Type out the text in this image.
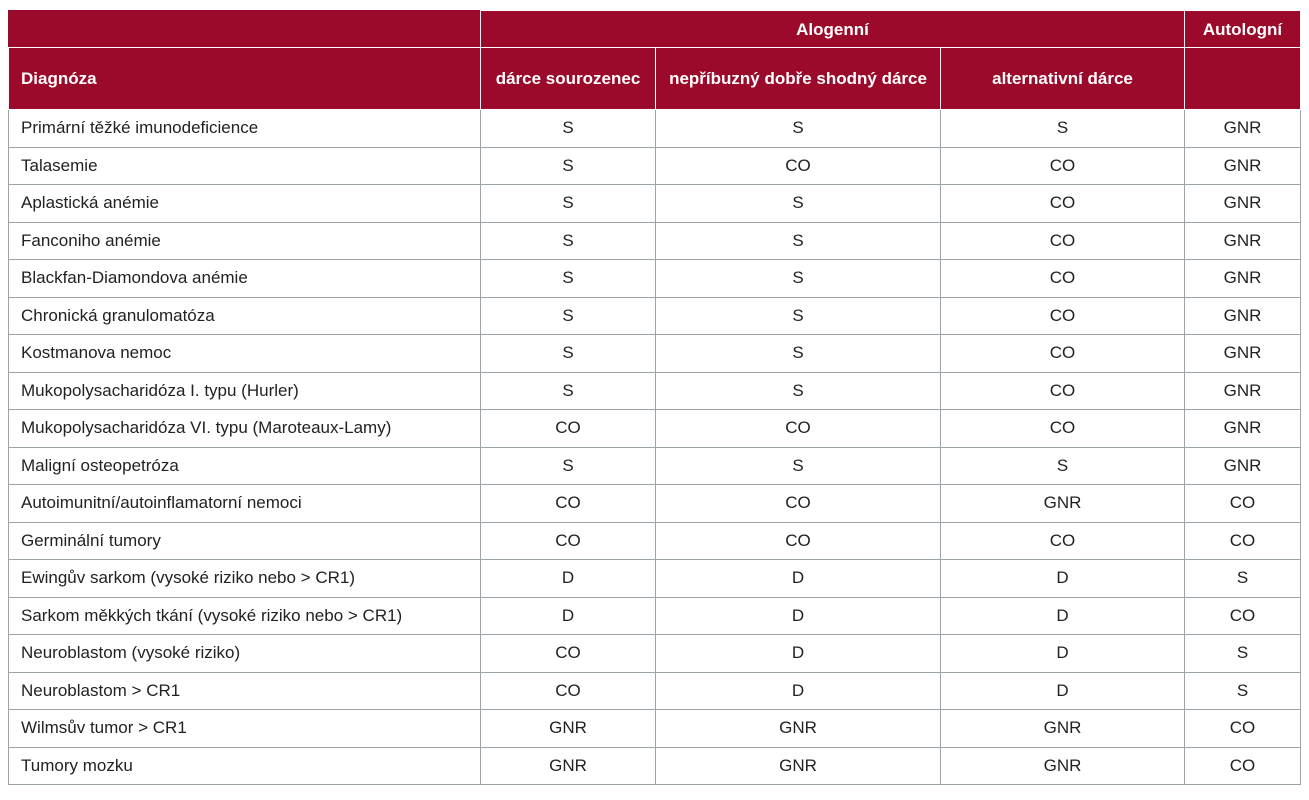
	Alogenní			Autologní
Diagnóza	dárce sourozenec	nepříbuzný dobře shodný dárce	alternativní dárce	
Primární těžké imunodeficience	S	S	S	GNR
Talasemie	S	CO	CO	GNR
Aplastická anémie	S	S	CO	GNR
Fanconiho anémie	S	S	CO	GNR
Blackfan-Diamondova anémie	S	S	CO	GNR
Chronická granulomatóza	S	S	CO	GNR
Kostmanova nemoc	S	S	CO	GNR
Mukopolysacharidóza I. typu (Hurler)	S	S	CO	GNR
Mukopolysacharidóza VI. typu (Maroteaux-Lamy)	CO	CO	CO	GNR
Maligní osteopetróza	S	S	S	GNR
Autoimunitní/autoinflamatorní nemoci	CO	CO	GNR	CO
Germinální tumory	CO	CO	CO	CO
Ewingův sarkom (vysoké riziko nebo > CR1)	D	D	D	S
Sarkom měkkých tkání (vysoké riziko nebo > CR1)	D	D	D	CO
Neuroblastom (vysoké riziko)	CO	D	D	S
Neuroblastom > CR1	CO	D	D	S
Wilmsův tumor > CR1	GNR	GNR	GNR	CO
Tumory mozku	GNR	GNR	GNR	CO
